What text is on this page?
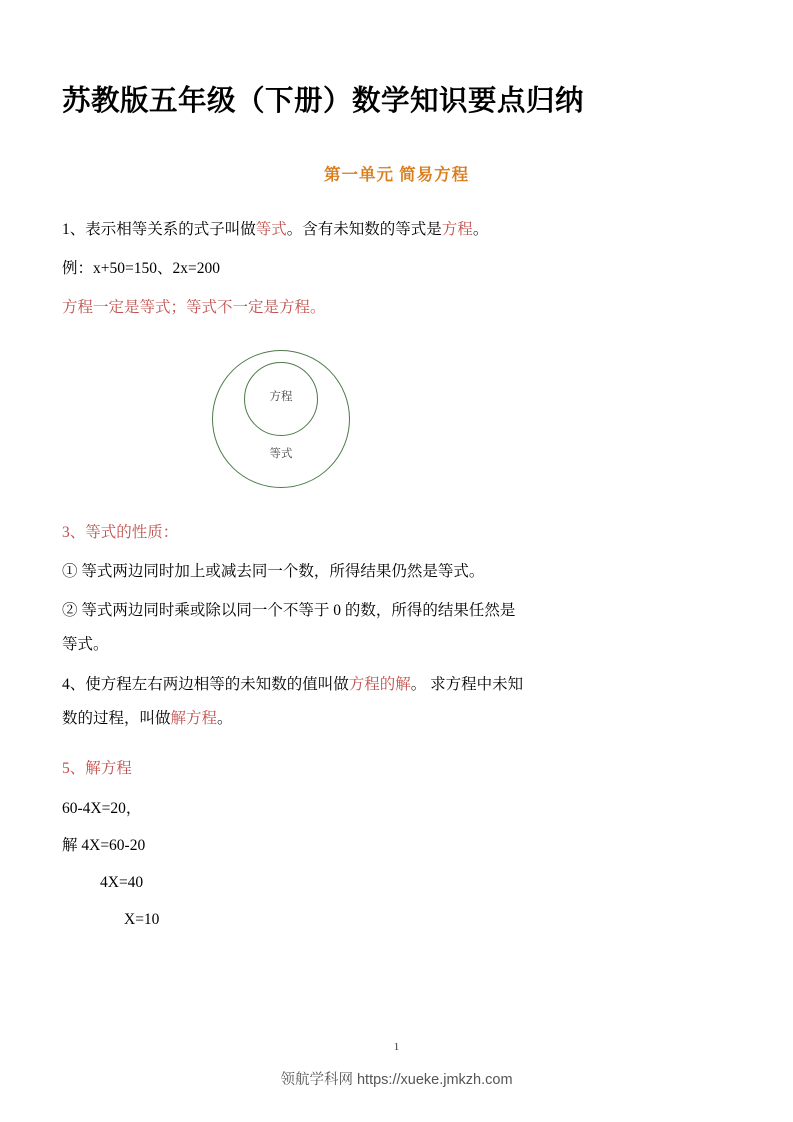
苏教版五年级（下册）数学知识要点归纳
第一单元 简易方程

1、表示相等关系的式子叫做等式。含有未知数的等式是方程。

例：x+50=150、2x=200

方程一定是等式；等式不一定是方程。

方程
等式

3、等式的性质：

① 等式两边同时加上或减去同一个数，所得结果仍然是等式。

② 等式两边同时乘或除以同一个不等于 0 的数，所得的结果任然是

等式。

4、使方程左右两边相等的未知数的值叫做方程的解。 求方程中未知

数的过程，叫做解方程。

5、解方程

60-4X=20，

解 4X=60-20

4X=40

X=10

1
领航学科网 https://xueke.jmkzh.com
